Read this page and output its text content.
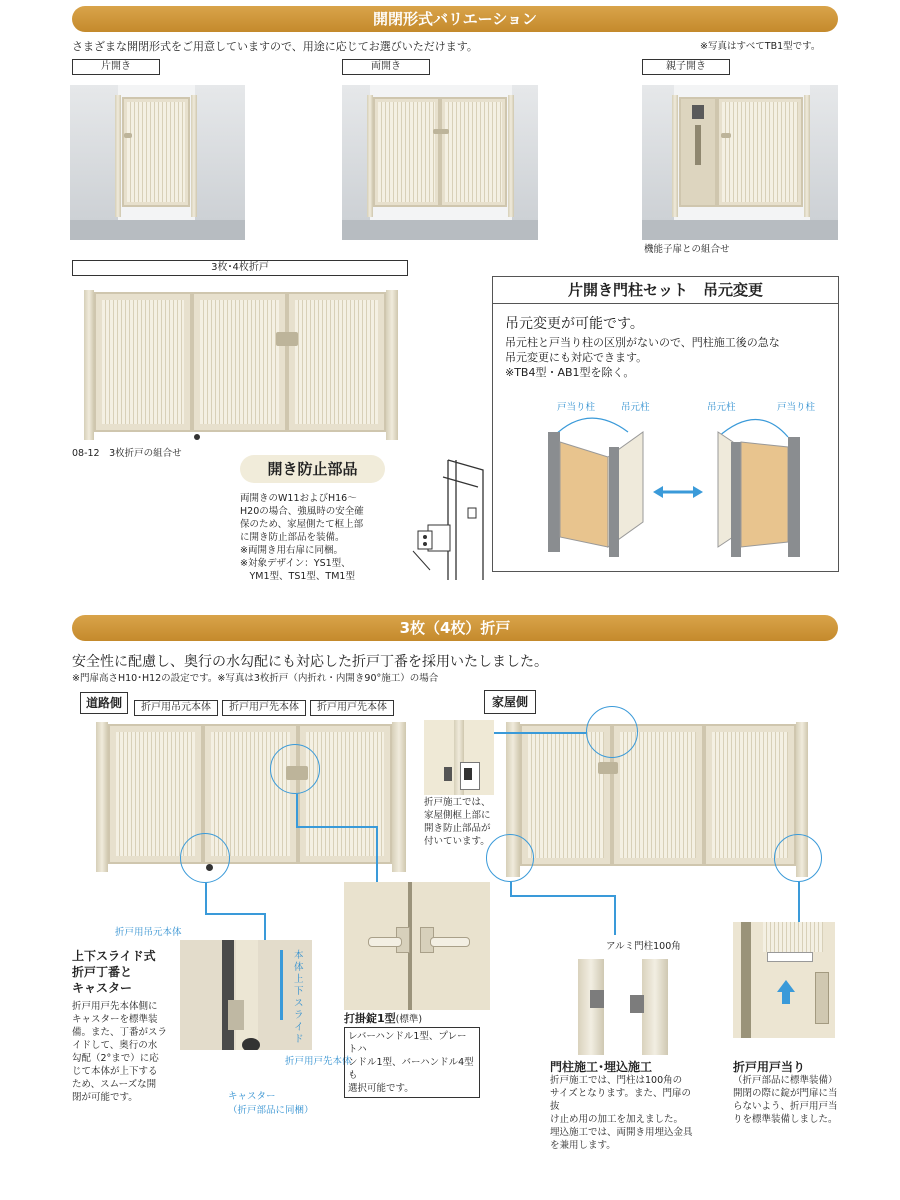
開閉形式バリエーション
さまざまな開閉形式をご用意していますので、用途に応じてお選びいただけます。	※写真はすべてTB1型です。
片開き	両開き	親子開き
機能子扉との組合せ
3枚･4枚折戸
08-12　3枚折戸の組合せ
開き防止部品
両開きのW11およびH16～
H20の場合、強風時の安全確
保のため、家屋側たて框上部
に開き防止部品を装備。
※両開き用右扉に同梱。
※対象デザイン：YS1型、
　YM1型、TS1型、TM1型
片開き門柱セット　吊元変更
吊元変更が可能です。
吊元柱と戸当り柱の区別がないので、門柱施工後の急な
吊元変更にも対応できます。
※TB4型・AB1型を除く。
戸当り柱	吊元柱	吊元柱	戸当り柱
3枚（4枚）折戸
安全性に配慮し、奥行の水勾配にも対応した折戸丁番を採用いたしました。
※門扉高さH10･H12の設定です。※写真は3枚折戸（内折れ・内開き90°施工）の場合
道路側	折戸用吊元本体	折戸用戸先本体	折戸用戸先本体	家屋側
折戸施工では、
家屋側框上部に
開き防止部品が
付いています。
折戸用吊元本体
上下スライド式
折戸丁番と
キャスター
折戸用戸先本体側に
キャスターを標準装
備。また、丁番がスラ
イドして、奥行の水
勾配（2°まで）に応
じて本体が上下する
ため、スムーズな開
閉が可能です。
本体上下スライド
折戸用戸先本体
キャスター
（折戸部品に同梱）
打掛錠1型(標準)
レバーハンドル1型、プレートハ
ンドル1型、バーハンドル4型も
選択可能です。
アルミ門柱100角
門柱施工･埋込施工
折戸施工では、門柱は100角の
サイズとなります。また、門扉の抜
け止め用の加工を加えました。
埋込施工では、両開き用埋込金具
を兼用します。
折戸用戸当り
（折戸部品に標準装備）
開閉の際に錠が門扉に当
らないよう、折戸用戸当
りを標準装備しました。
